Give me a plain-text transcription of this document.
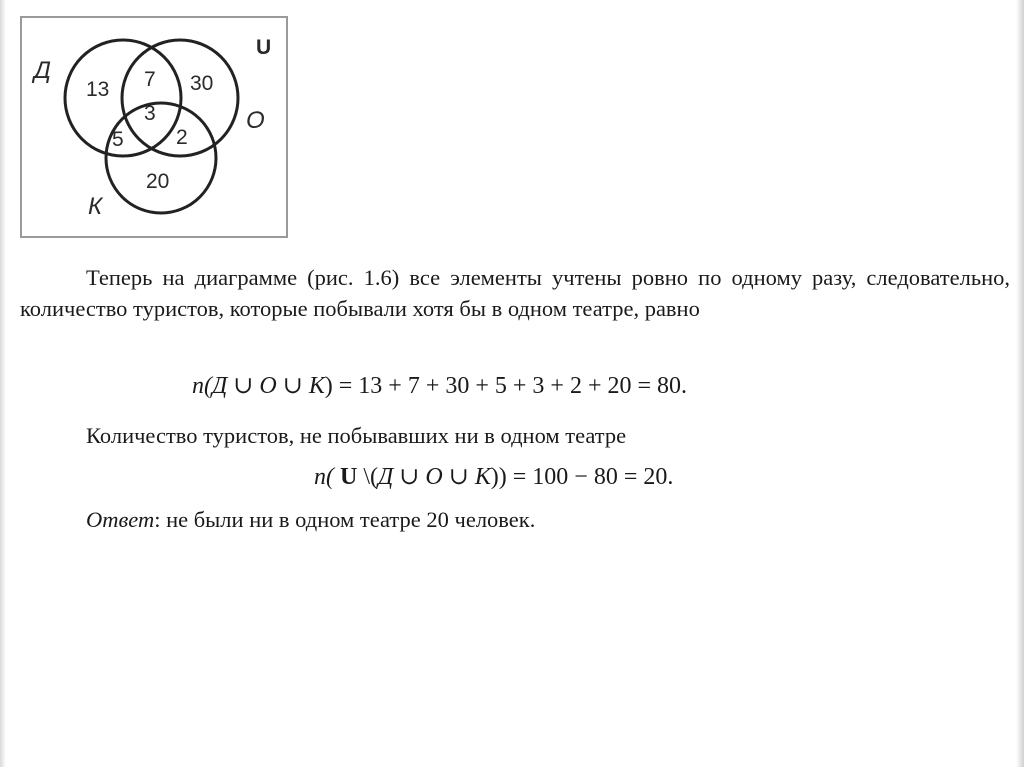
U
Д
О
К
13 7 30
3
5 2
20
Теперь на диаграмме (рис. 1.6) все элементы учтены ровно по одному разу, следовательно, количество туристов, которые побывали хотя бы в одном театре, равно
n(Д ∪ О ∪ К) = 13 + 7 + 30 + 5 + 3 + 2 + 20 = 80.
Количество туристов, не побывавших ни в одном театре
n( U \(Д ∪ О ∪ К)) = 100 − 80 = 20.
Ответ: не были ни в одном театре 20 человек.
